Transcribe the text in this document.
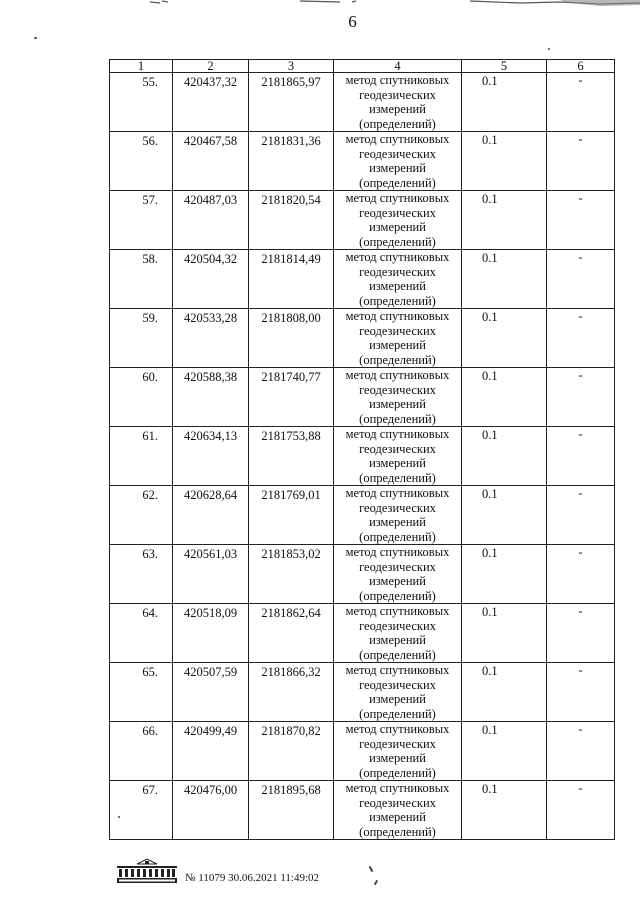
6
1	2	3	4	5	6
55.	420437,32	2181865,97	метод спутниковых
геодезических
измерений
(определений)	0.1	-
56.	420467,58	2181831,36	метод спутниковых
геодезических
измерений
(определений)	0.1	-
57.	420487,03	2181820,54	метод спутниковых
геодезических
измерений
(определений)	0.1	-
58.	420504,32	2181814,49	метод спутниковых
геодезических
измерений
(определений)	0.1	-
59.	420533,28	2181808,00	метод спутниковых
геодезических
измерений
(определений)	0.1	-
60.	420588,38	2181740,77	метод спутниковых
геодезических
измерений
(определений)	0.1	-
61.	420634,13	2181753,88	метод спутниковых
геодезических
измерений
(определений)	0.1	-
62.	420628,64	2181769,01	метод спутниковых
геодезических
измерений
(определений)	0.1	-
63.	420561,03	2181853,02	метод спутниковых
геодезических
измерений
(определений)	0.1	-
64.	420518,09	2181862,64	метод спутниковых
геодезических
измерений
(определений)	0.1	-
65.	420507,59	2181866,32	метод спутниковых
геодезических
измерений
(определений)	0.1	-
66.	420499,49	2181870,82	метод спутниковых
геодезических
измерений
(определений)	0.1	-
67.	420476,00	2181895,68	метод спутниковых
геодезических
измерений
(определений)	0.1	-
№ 11079 30.06.2021 11:49:02
